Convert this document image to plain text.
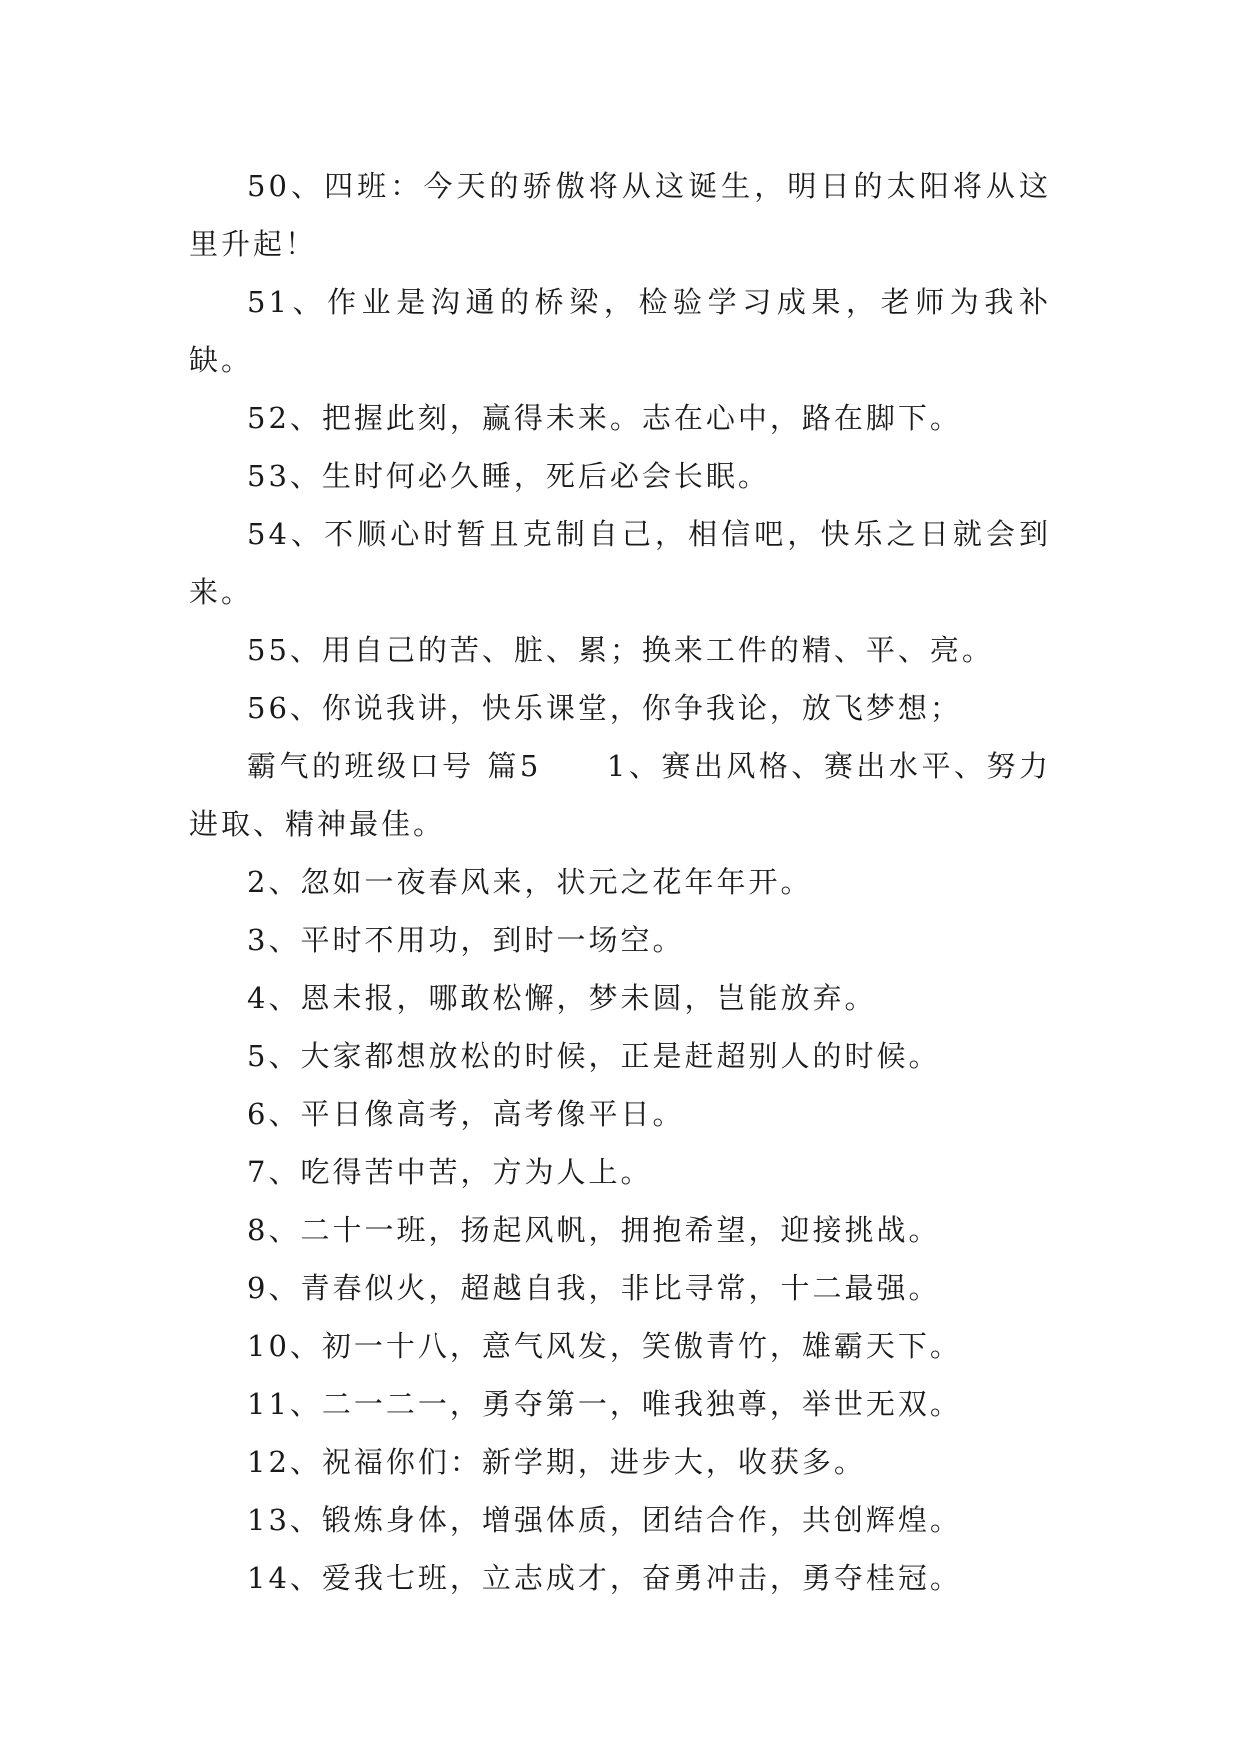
50、四班：今天的骄傲将从这诞生，明日的太阳将从这里升起！

51、作业是沟通的桥梁，检验学习成果，老师为我补缺。

52、把握此刻，赢得未来。志在心中，路在脚下。

53、生时何必久睡，死后必会长眠。

54、不顺心时暂且克制自己，相信吧，快乐之日就会到来。

55、用自己的苦、脏、累；换来工件的精、平、亮。

56、你说我讲，快乐课堂，你争我论，放飞梦想；

霸气的班级口号 篇5　　1、赛出风格、赛出水平、努力进取、精神最佳。

2、忽如一夜春风来，状元之花年年开。

3、平时不用功，到时一场空。

4、恩未报，哪敢松懈，梦未圆，岂能放弃。

5、大家都想放松的时候，正是赶超别人的时候。

6、平日像高考，高考像平日。

7、吃得苦中苦，方为人上。

8、二十一班，扬起风帆，拥抱希望，迎接挑战。

9、青春似火，超越自我，非比寻常，十二最强。

10、初一十八，意气风发，笑傲青竹，雄霸天下。

11、二一二一，勇夺第一，唯我独尊，举世无双。

12、祝福你们：新学期，进步大，收获多。

13、锻炼身体，增强体质，团结合作，共创辉煌。

14、爱我七班，立志成才，奋勇冲击，勇夺桂冠。
